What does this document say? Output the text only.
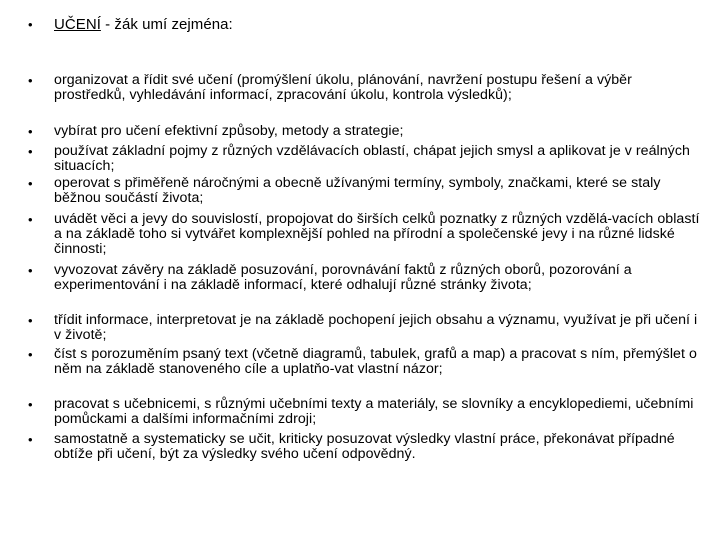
• UČENÍ - žák umí zejména:
• organizovat a řídit své učení (promýšlení úkolu, plánování, navržení postupu řešení a výběr prostředků, vyhledávání informací, zpracování úkolu, kontrola výsledků);
• vybírat pro učení efektivní způsoby, metody a strategie;
• používat základní pojmy z různých vzdělávacích oblastí, chápat jejich smysl a aplikovat je v reálných situacích;
• operovat s přiměřeně náročnými a obecně užívanými termíny, symboly, značkami, které se staly běžnou součástí života;
• uvádět věci a jevy do souvislostí, propojovat do širších celků poznatky z různých vzdělá-vacích oblastí a na základě toho si vytvářet komplexnější pohled na přírodní a společenské jevy i na různé lidské činnosti;
• vyvozovat závěry na základě posuzování, porovnávání faktů z různých oborů, pozorování a experimentování i na základě informací, které odhalují různé stránky života;
• třídit informace, interpretovat je na základě pochopení jejich obsahu a významu, využívat je při učení i v životě;
• číst s porozuměním psaný text (včetně diagramů, tabulek, grafů a map) a pracovat s ním, přemýšlet o něm na základě stanoveného cíle a uplatňo-vat vlastní názor;
• pracovat s učebnicemi, s různými učebními texty a materiály, se slovníky a encyklopediemi, učebními pomůckami a dalšími informačními zdroji;
• samostatně a systematicky se učit, kriticky posuzovat výsledky vlastní práce, překonávat případné obtíže při učení, být za výsledky svého učení odpovědný.
